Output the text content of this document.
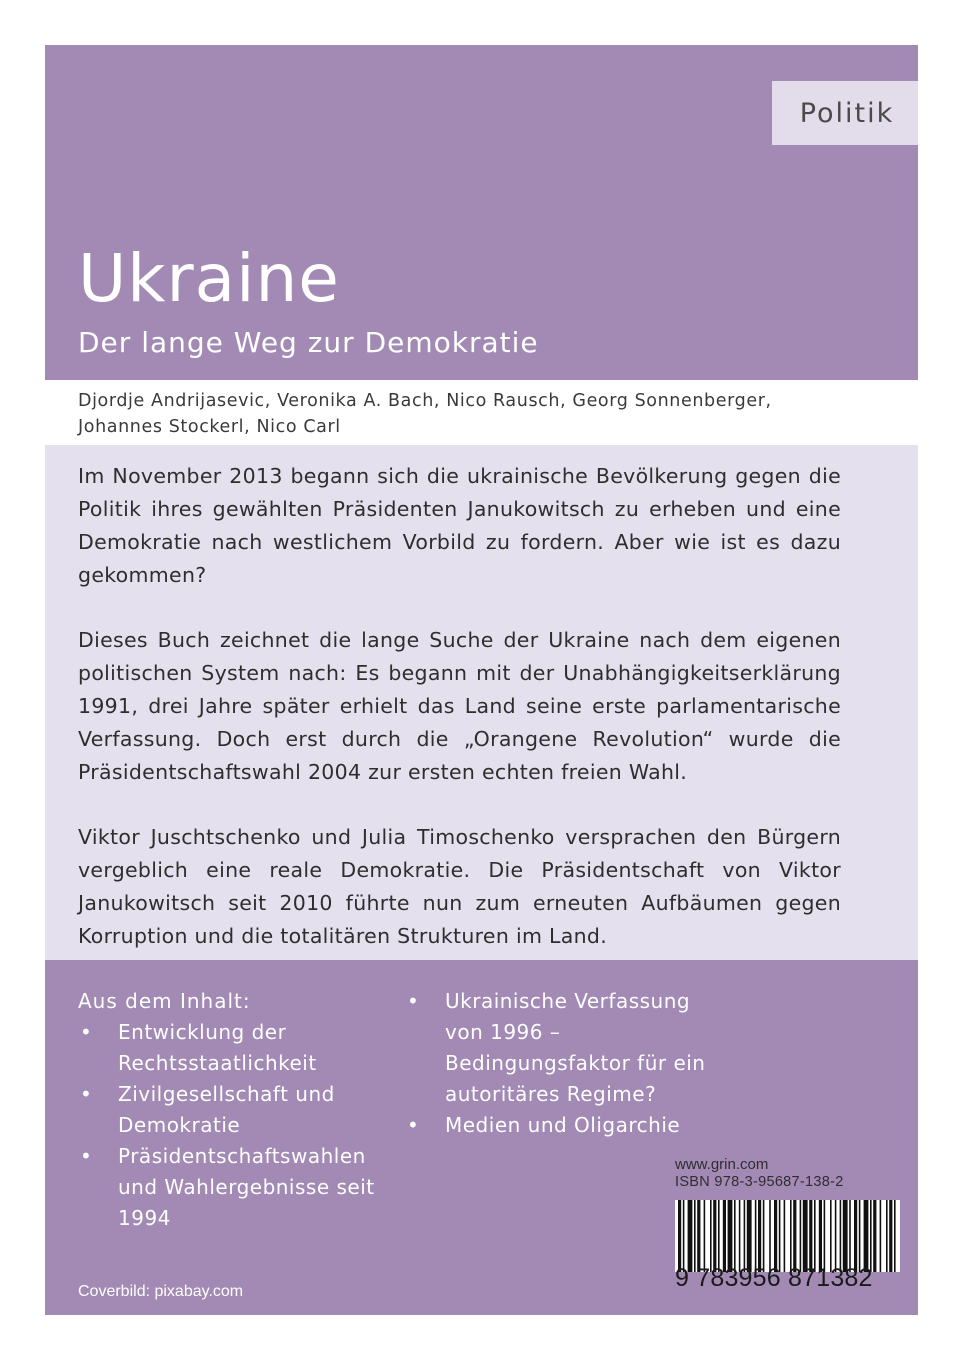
Politik
Ukraine
Der lange Weg zur Demokratie
Djordje Andrijasevic, Veronika A. Bach, Nico Rausch, Georg Sonnenberger,
Johannes Stockerl, Nico Carl

Im November 2013 begann sich die ukrainische Bevölkerung gegen die Politik ihres gewählten Präsidenten Janukowitsch zu erheben und eine Demokratie nach westlichem Vorbild zu fordern. Aber wie ist es dazu gekommen?

Dieses Buch zeichnet die lange Suche der Ukraine nach dem eigenen politischen System nach: Es begann mit der Unabhängigkeitserklärung 1991, drei Jahre später erhielt das Land seine erste parlamentarische Verfassung. Doch erst durch die „Orangene Revolution“ wurde die Präsidentschaftswahl 2004 zur ersten echten freien Wahl.

Viktor Juschtschenko und Julia Timoschenko versprachen den Bürgern vergeblich eine reale Demokratie. Die Präsidentschaft von Viktor Janukowitsch seit 2010 führte nun zum erneuten Aufbäumen gegen Korruption und die totalitären Strukturen im Land.

Aus dem Inhalt:
• Entwicklung der Rechtsstaatlichkeit
• Zivilgesellschaft und Demokratie
• Präsidentschaftswahlen und Wahlergebnisse seit 1994
• Ukrainische Verfassung von 1996 – Bedingungsfaktor für ein autoritäres Regime?
• Medien und Oligarchie
www.grin.com
ISBN 978-3-95687-138-2
9 783956 871382
Coverbild: pixabay.com
